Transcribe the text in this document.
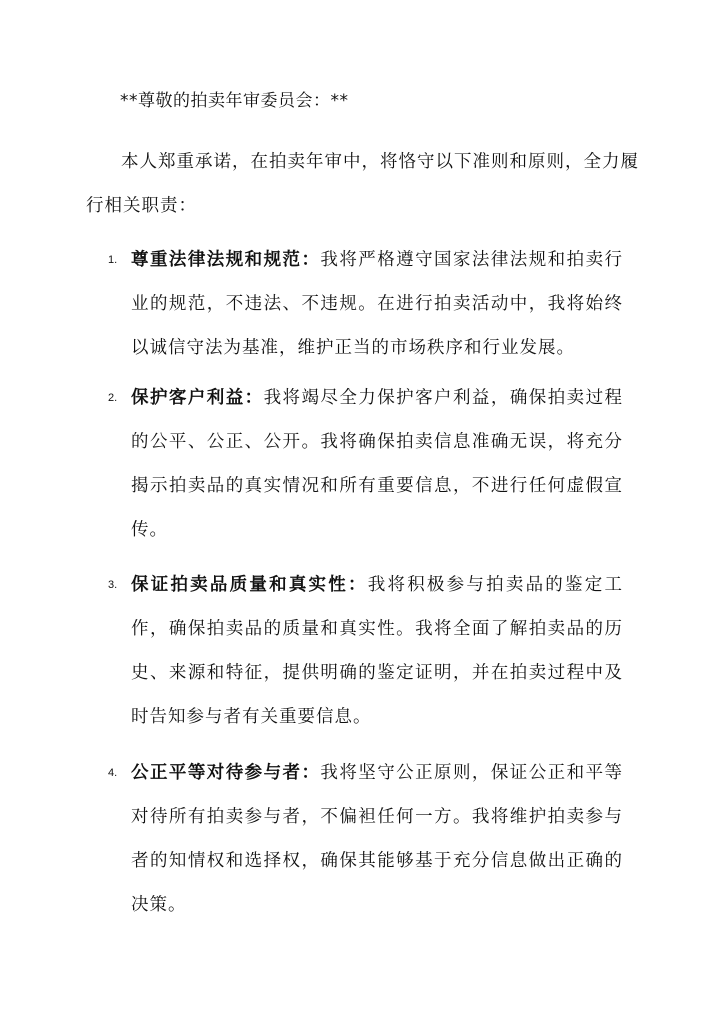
**尊敬的拍卖年审委员会：**
本人郑重承诺，在拍卖年审中，将恪守以下准则和原则，全力履行相关职责：
1. 尊重法律法规和规范：我将严格遵守国家法律法规和拍卖行业的规范，不违法、不违规。在进行拍卖活动中，我将始终以诚信守法为基准，维护正当的市场秩序和行业发展。
2. 保护客户利益：我将竭尽全力保护客户利益，确保拍卖过程的公平、公正、公开。我将确保拍卖信息准确无误，将充分揭示拍卖品的真实情况和所有重要信息，不进行任何虚假宣传。
3. 保证拍卖品质量和真实性：我将积极参与拍卖品的鉴定工作，确保拍卖品的质量和真实性。我将全面了解拍卖品的历史、来源和特征，提供明确的鉴定证明，并在拍卖过程中及时告知参与者有关重要信息。
4. 公正平等对待参与者：我将坚守公正原则，保证公正和平等对待所有拍卖参与者，不偏袒任何一方。我将维护拍卖参与者的知情权和选择权，确保其能够基于充分信息做出正确的决策。
